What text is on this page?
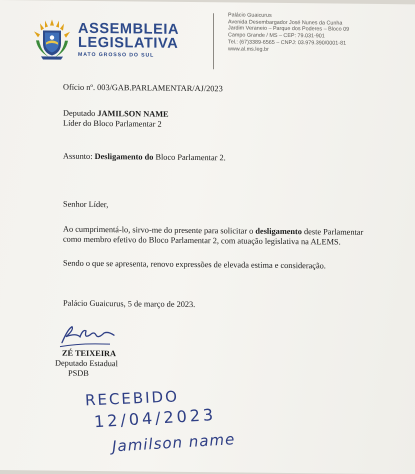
ASSEMBLEIA
LEGISLATIVA
MATO GROSSO DO SUL
Palácio Guaicurus
Avenida Desembargador José Nunes da Cunha
Jardim Veraneio – Parque dos Poderes – Bloco 09
Campo Grande / MS – CEP: 79.031-901
Tel.: (67)3389-6565 – CNPJ: 03.979.390/0001-81
www.al.ms.leg.br
Ofício nº. 003/GAB.PARLAMENTAR/AJ/2023
Deputado JAMILSON NAME
Líder do Bloco Parlamentar 2
Assunto: Desligamento do Bloco Parlamentar 2.
Senhor Líder,
Ao cumprimentá-lo, sirvo-me do presente para solicitar o desligamento deste Parlamentar
como membro efetivo do Bloco Parlamentar 2, com atuação legislativa na ALEMS.
Sendo o que se apresenta, renovo expressões de elevada estima e consideração.
Palácio Guaicurus, 5 de março de 2023.
ZÉ TEIXEIRA
Deputado Estadual
PSDB
RECEBIDO
12/04/2023
Jamilson name
